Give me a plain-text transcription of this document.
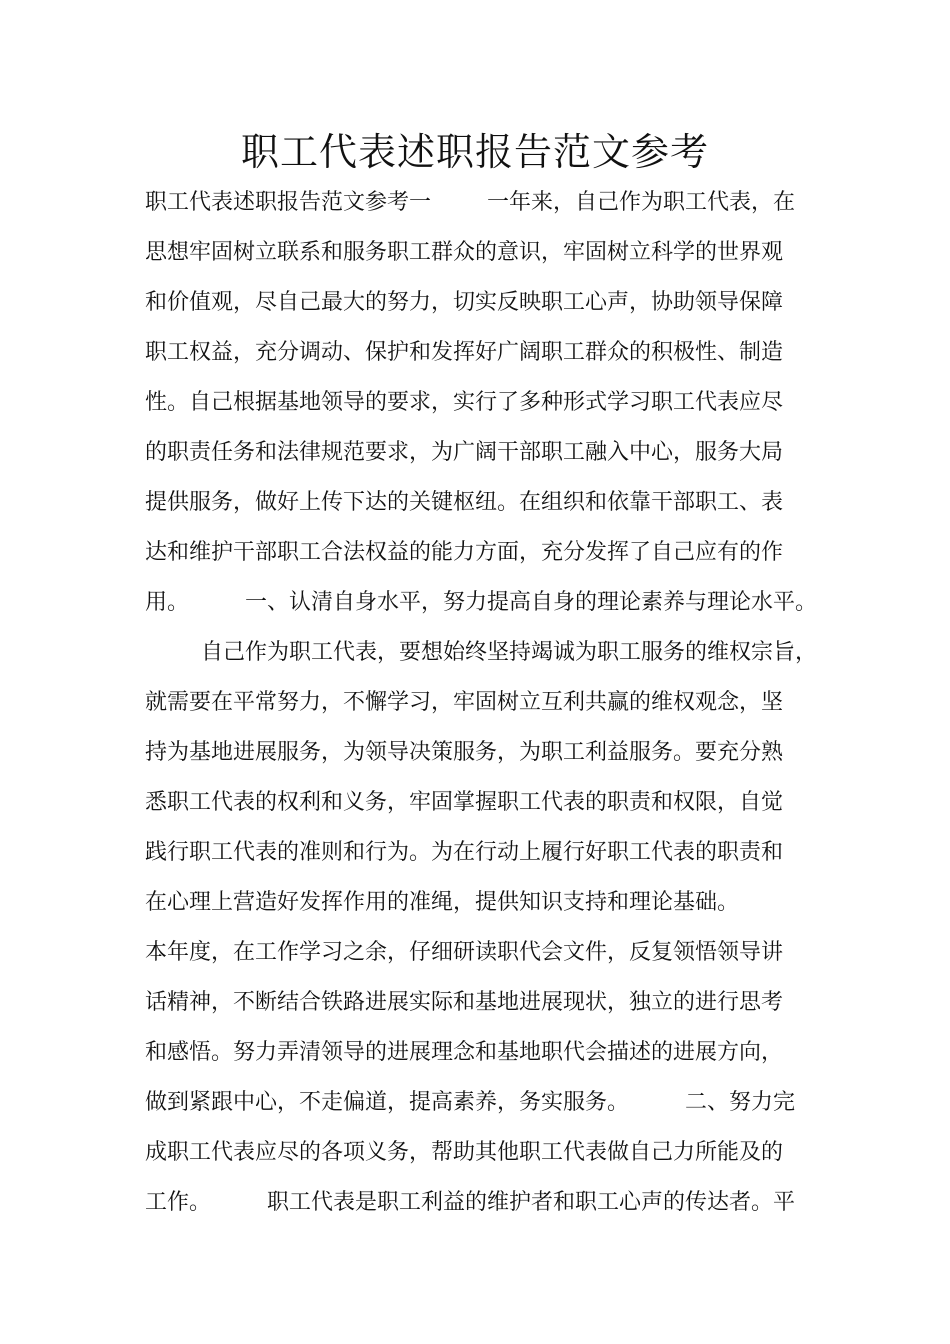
职工代表述职报告范文参考
职工代表述职报告范文参考一	一年来，自己作为职工代表，在
思想牢固树立联系和服务职工群众的意识，牢固树立科学的世界观
和价值观，尽自己最大的努力，切实反映职工心声，协助领导保障
职工权益，充分调动、保护和发挥好广阔职工群众的积极性、制造
性。自己根据基地领导的要求，实行了多种形式学习职工代表应尽
的职责任务和法律规范要求，为广阔干部职工融入中心，服务大局
提供服务，做好上传下达的关键枢纽。在组织和依靠干部职工、表
达和维护干部职工合法权益的能力方面，充分发挥了自己应有的作
用。	一、认清自身水平，努力提高自身的理论素养与理论水平。
自己作为职工代表，要想始终坚持竭诚为职工服务的维权宗旨，
就需要在平常努力，不懈学习，牢固树立互利共赢的维权观念，坚
持为基地进展服务，为领导决策服务，为职工利益服务。要充分熟
悉职工代表的权利和义务，牢固掌握职工代表的职责和权限，自觉
践行职工代表的准则和行为。为在行动上履行好职工代表的职责和
在心理上营造好发挥作用的准绳，提供知识支持和理论基础。
本年度，在工作学习之余，仔细研读职代会文件，反复领悟领导讲
话精神，不断结合铁路进展实际和基地进展现状，独立的进行思考
和感悟。努力弄清领导的进展理念和基地职代会描述的进展方向，
做到紧跟中心，不走偏道，提高素养，务实服务。	二、努力完
成职工代表应尽的各项义务，帮助其他职工代表做自己力所能及的
工作。	职工代表是职工利益的维护者和职工心声的传达者。平
